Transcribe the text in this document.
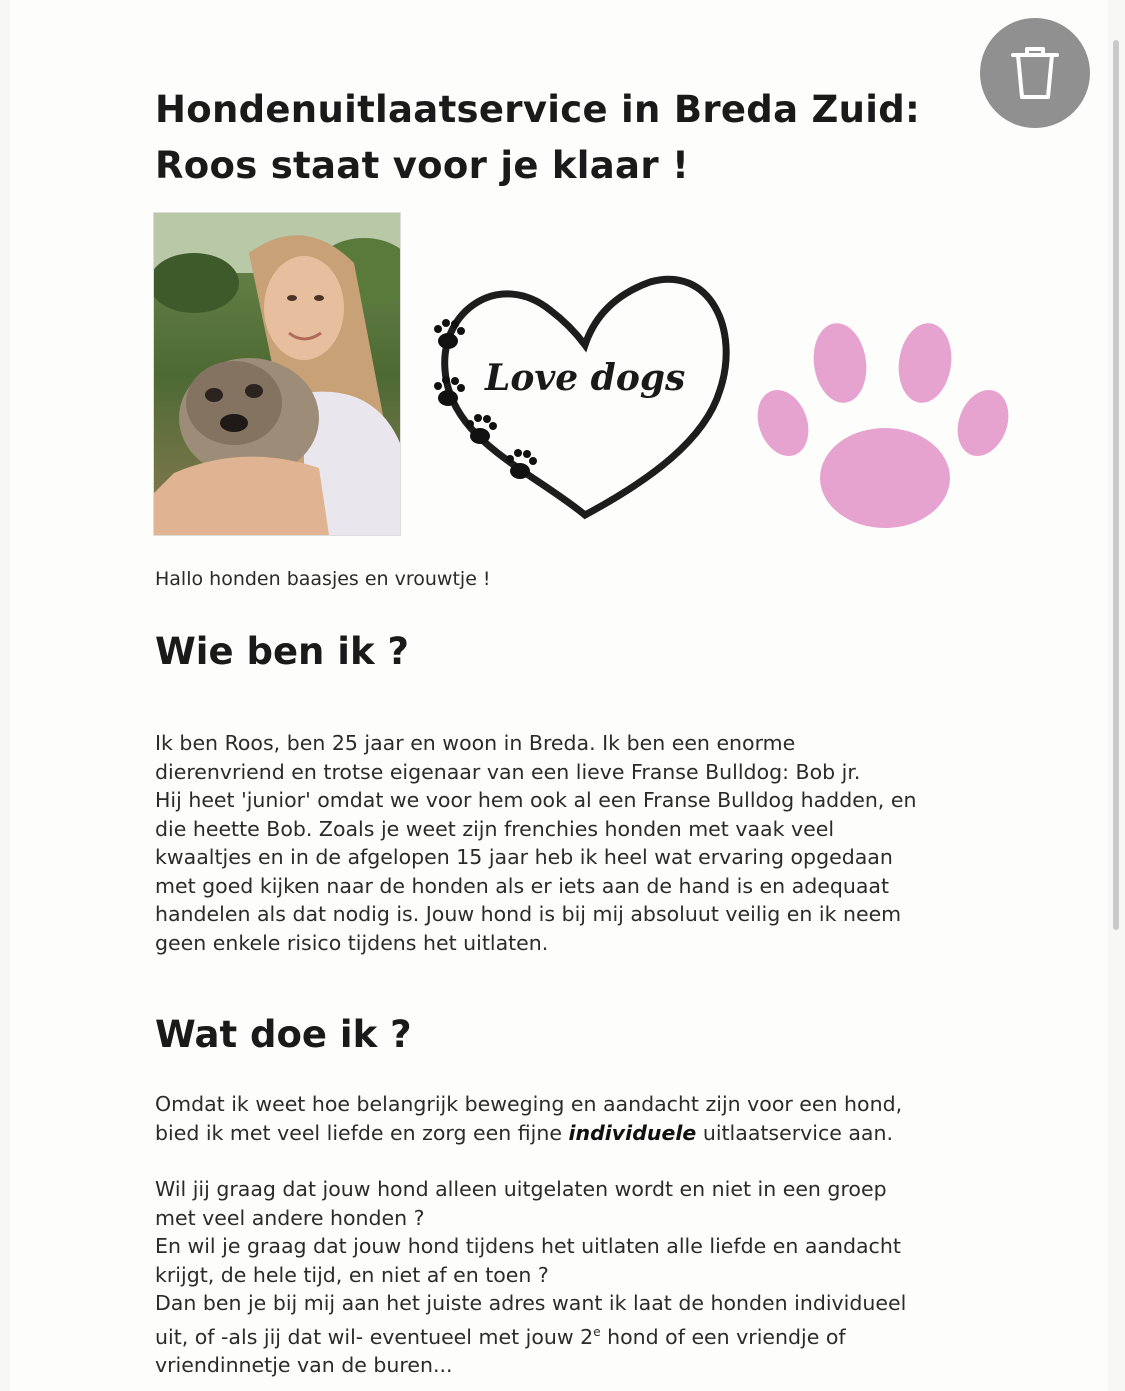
Hondenuitlaatservice in Breda Zuid:
Roos staat voor je klaar !
Love dogs

Hallo honden baasjes en vrouwtje !

Wie ben ik ?

Ik ben Roos, ben 25 jaar en woon in Breda. Ik ben een enorme
dierenvriend en trotse eigenaar van een lieve Franse Bulldog: Bob jr.
Hij heet 'junior' omdat we voor hem ook al een Franse Bulldog hadden, en
die heette Bob. Zoals je weet zijn frenchies honden met vaak veel
kwaaltjes en in de afgelopen 15 jaar heb ik heel wat ervaring opgedaan
met goed kijken naar de honden als er iets aan de hand is en adequaat
handelen als dat nodig is. Jouw hond is bij mij absoluut veilig en ik neem
geen enkele risico tijdens het uitlaten.

Wat doe ik ?

Omdat ik weet hoe belangrijk beweging en aandacht zijn voor een hond,
bied ik met veel liefde en zorg een fijne individuele uitlaatservice aan.

Wil jij graag dat jouw hond alleen uitgelaten wordt en niet in een groep
met veel andere honden ?
En wil je graag dat jouw hond tijdens het uitlaten alle liefde en aandacht
krijgt, de hele tijd, en niet af en toen ?
Dan ben je bij mij aan het juiste adres want ik laat de honden individueel
uit, of -als jij dat wil- eventueel met jouw 2e hond of een vriendje of
vriendinnetje van de buren...
